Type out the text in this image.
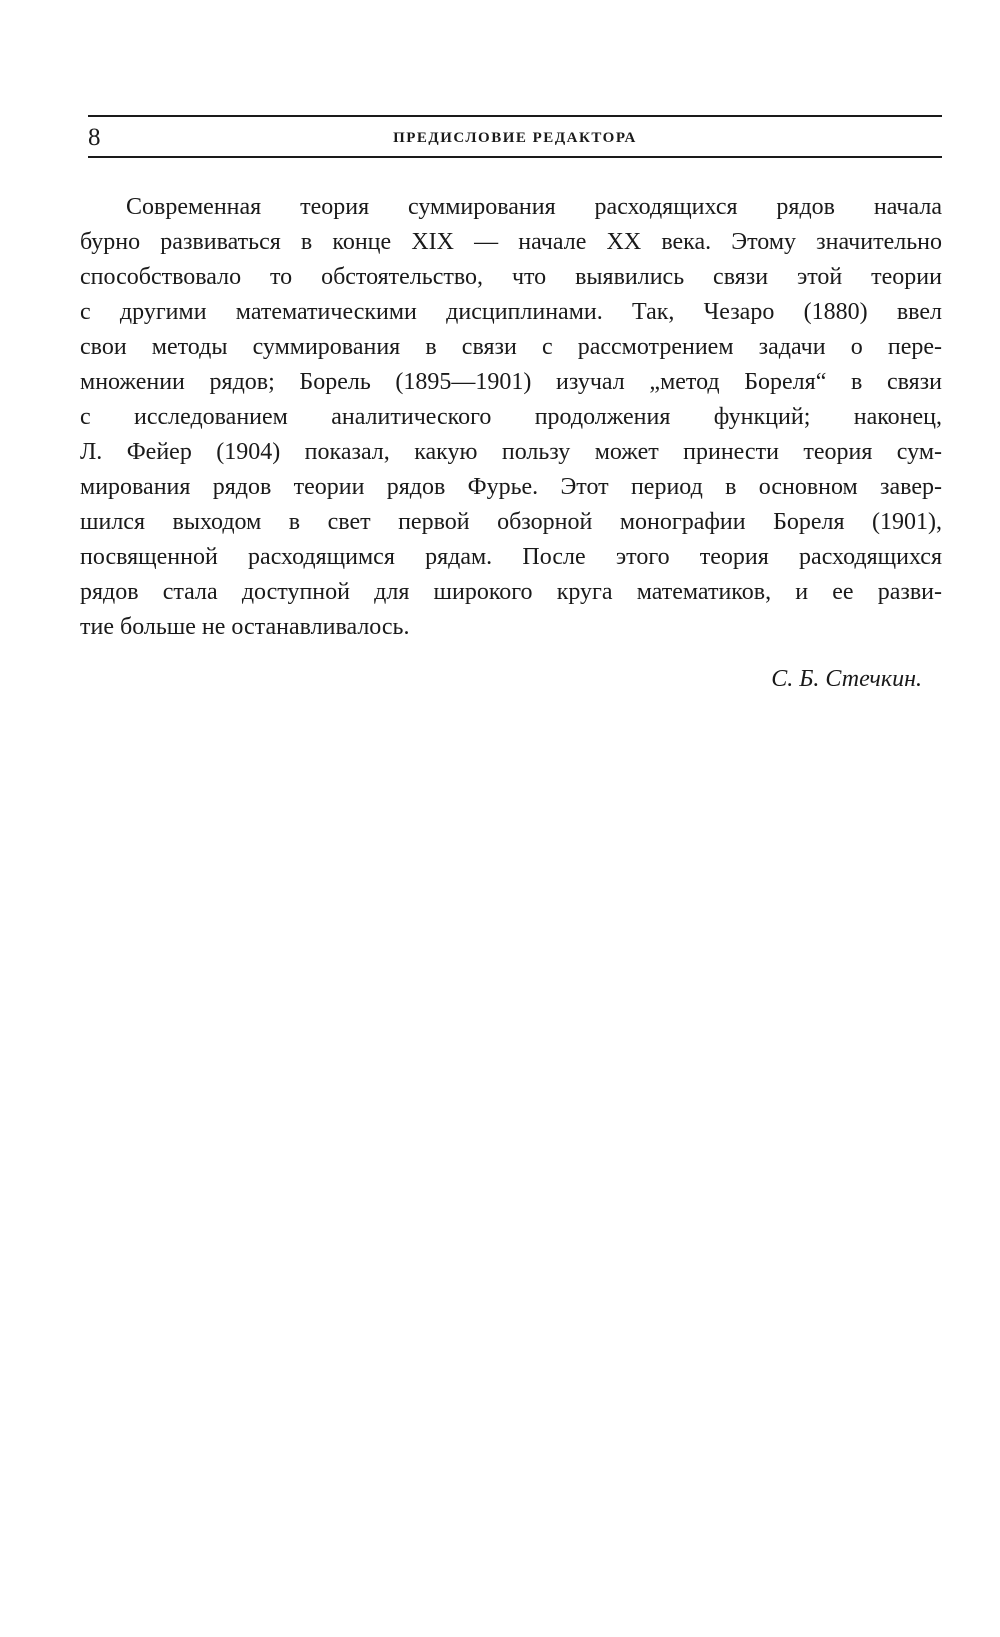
8	ПРЕДИСЛОВИЕ РЕДАКТОРА
Современная теория суммирования расходящихся рядов начала
бурно развиваться в конце XIX — начале XX века. Этому значительно
способствовало то обстоятельство, что выявились связи этой теории
с другими математическими дисциплинами. Так, Чезаро (1880) ввел
свои методы суммирования в связи с рассмотрением задачи о пере-
множении рядов; Борель (1895—1901) изучал „метод Бореля“ в связи
с исследованием аналитического продолжения функций; наконец,
Л. Фейер (1904) показал, какую пользу может принести теория сум-
мирования рядов теории рядов Фурье. Этот период в основном завер-
шился выходом в свет первой обзорной монографии Бореля (1901),
посвященной расходящимся рядам. После этого теория расходящихся
рядов стала доступной для широкого круга математиков, и ее разви-
тие больше не останавливалось.
С. Б. Стечкин.
